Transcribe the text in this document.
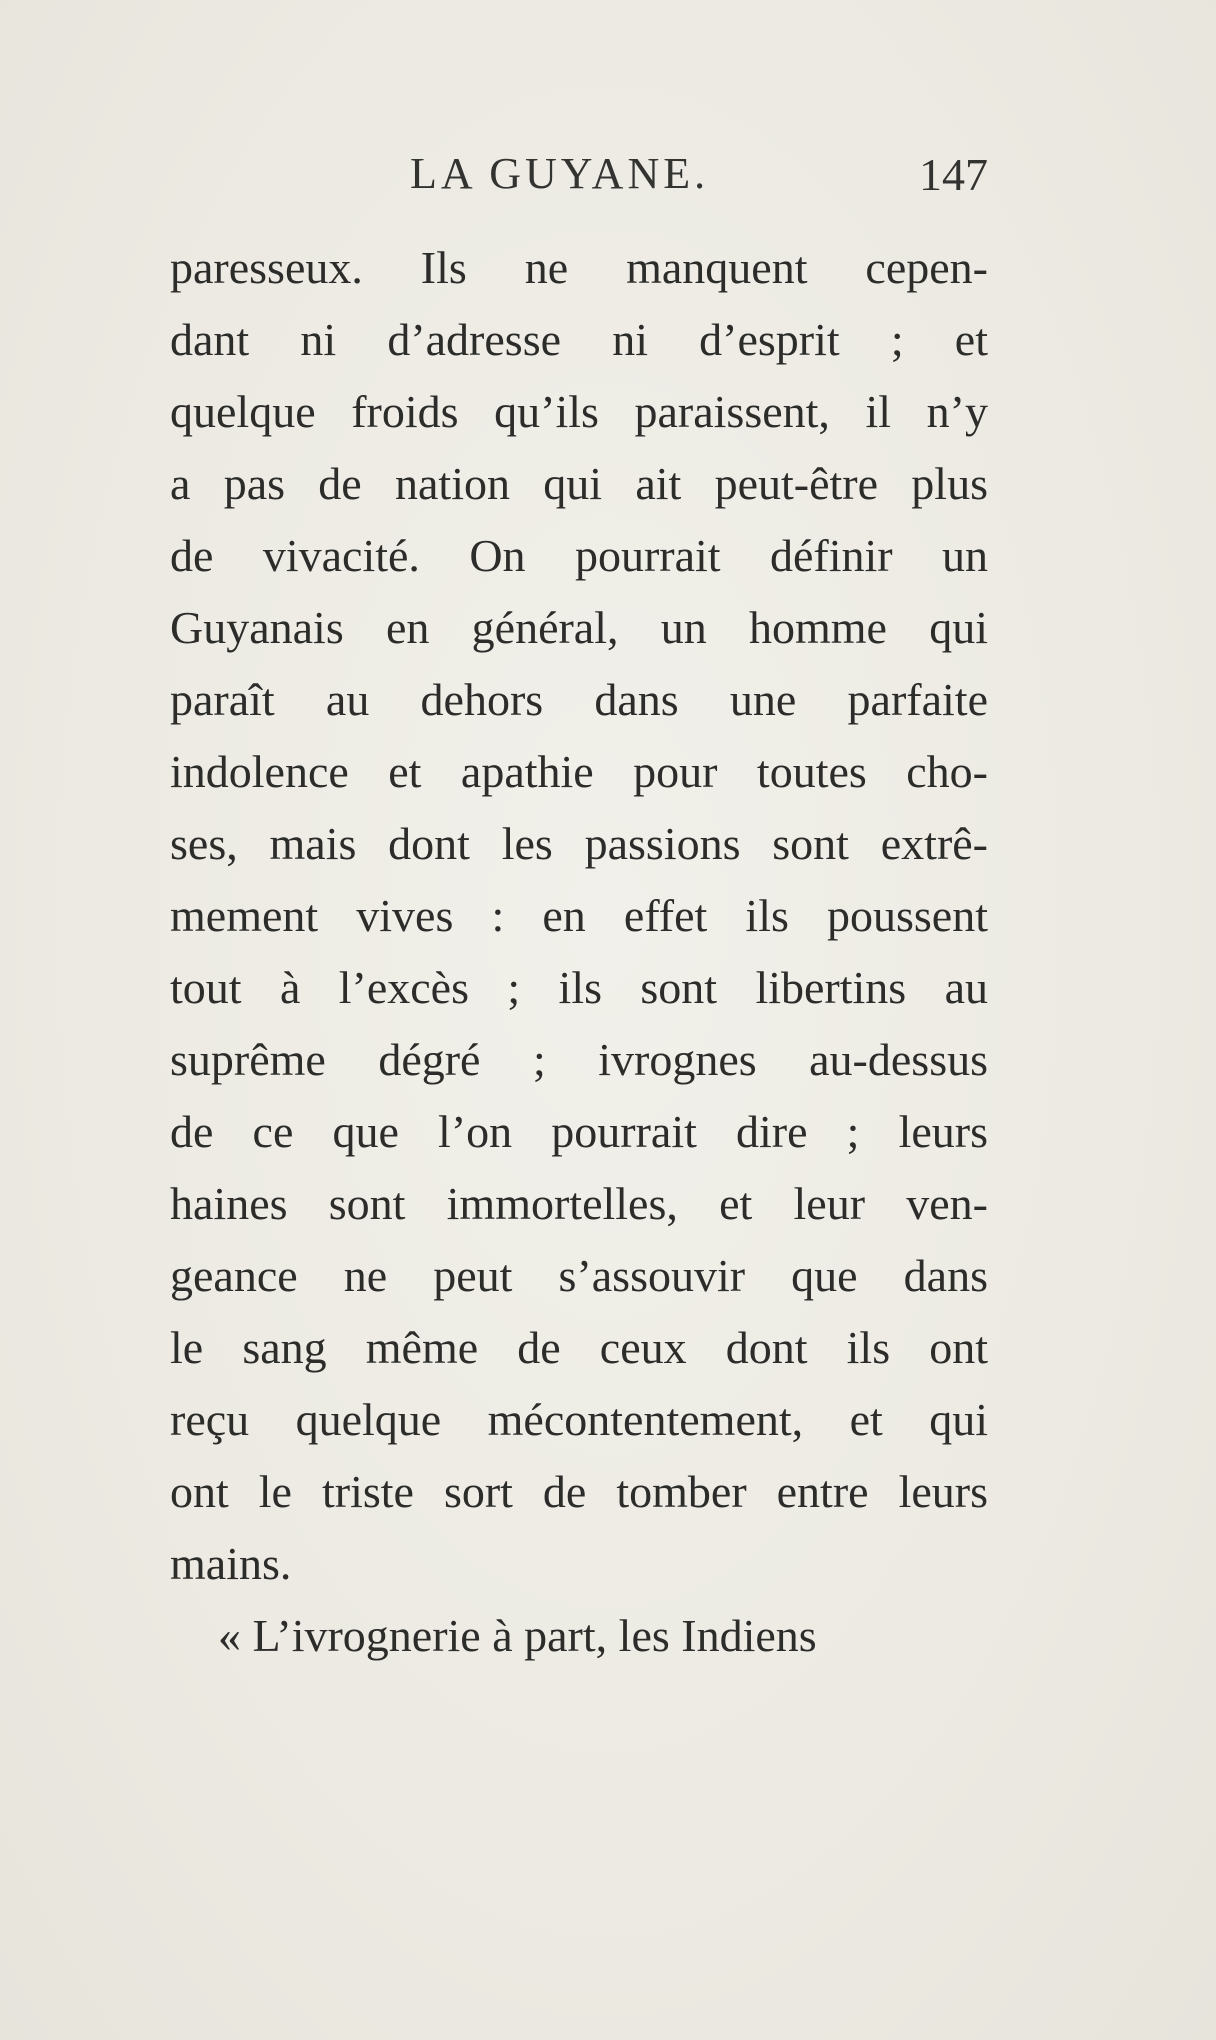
LA GUYANE.	147
paresseux. Ils ne manquent cepen-
dant ni d’adresse ni d’esprit ; et
quelque froids qu’ils paraissent, il n’y
a pas de nation qui ait peut-être plus
de vivacité. On pourrait définir un
Guyanais en général, un homme qui
paraît au dehors dans une parfaite
indolence et apathie pour toutes cho-
ses, mais dont les passions sont extrê-
mement vives : en effet ils poussent
tout à l’excès ; ils sont libertins au
suprême dégré ; ivrognes au-dessus
de ce que l’on pourrait dire ; leurs
haines sont immortelles, et leur ven-
geance ne peut s’assouvir que dans
le sang même de ceux dont ils ont
reçu quelque mécontentement, et qui
ont le triste sort de tomber entre leurs
mains.
« L’ivrognerie à part, les Indiens
